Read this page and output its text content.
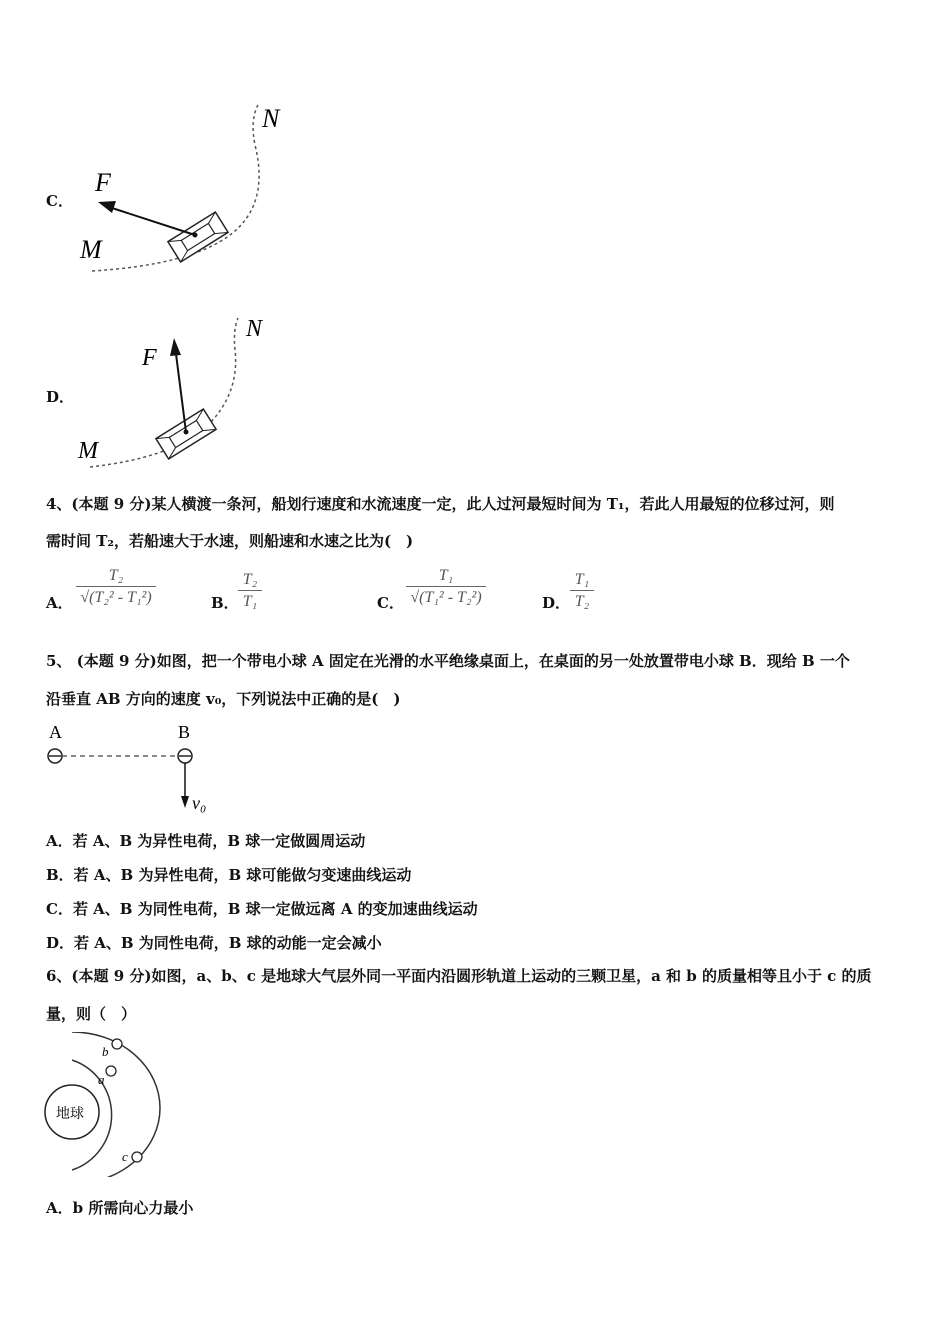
C．
F
M
N
D．
F
M
N
4、(本题 9 分)某人横渡一条河，船划行速度和水流速度一定，此人过河最短时间为 T₁，若此人用最短的位移过河，则
需时间 T₂，若船速大于水速，则船速和水速之比为(　)
A．
T₂
√(T₂² - T₁²)	B．
T₂
T₁	C．
T₁
√(T₁² - T₂²)	D．
T₁
T₂
5、 (本题 9 分)如图，把一个带电小球 A 固定在光滑的水平绝缘桌面上，在桌面的另一处放置带电小球 B．现给 B 一个
沿垂直 AB 方向的速度 v₀，下列说法中正确的是(　)
A	B
v₀
A．若 A、B 为异性电荷，B 球一定做圆周运动
B．若 A、B 为异性电荷，B 球可能做匀变速曲线运动
C．若 A、B 为同性电荷，B 球一定做远离 A 的变加速曲线运动
D．若 A、B 为同性电荷，B 球的动能一定会减小
6、(本题 9 分)如图，a、b、c 是地球大气层外同一平面内沿圆形轨道上运动的三颗卫星，a 和 b 的质量相等且小于 c 的质
量，则（　）
地球
a
b
c
A．b 所需向心力最小
